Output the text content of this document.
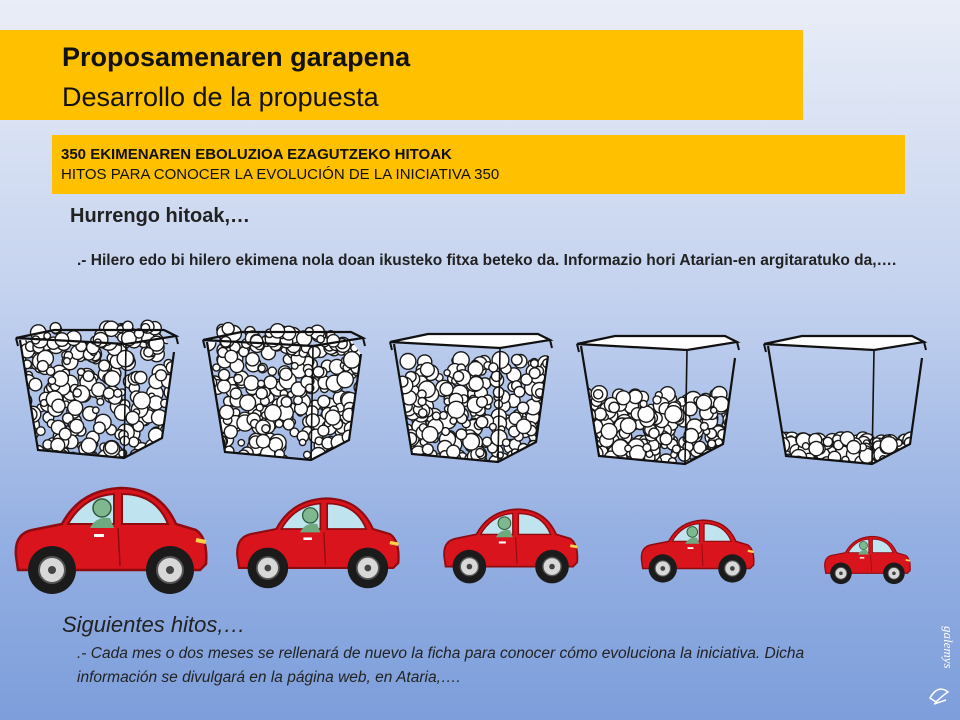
Proposamenaren garapena
Desarrollo de la propuesta
350 EKIMENAREN EBOLUZIOA EZAGUTZEKO HITOAK
HITOS PARA CONOCER LA EVOLUCIÓN DE LA INICIATIVA 350
Hurrengo hitoak,…
.- Hilero edo bi hilero ekimena nola doan ikusteko fitxa beteko da. Informazio hori Atarian-en argitaratuko da,….
Siguientes hitos,…
.- Cada mes o dos meses se rellenará de nuevo la ficha para conocer cómo evoluciona la iniciativa. Dicha información se divulgará en la página web, en Ataria,….
galemys
